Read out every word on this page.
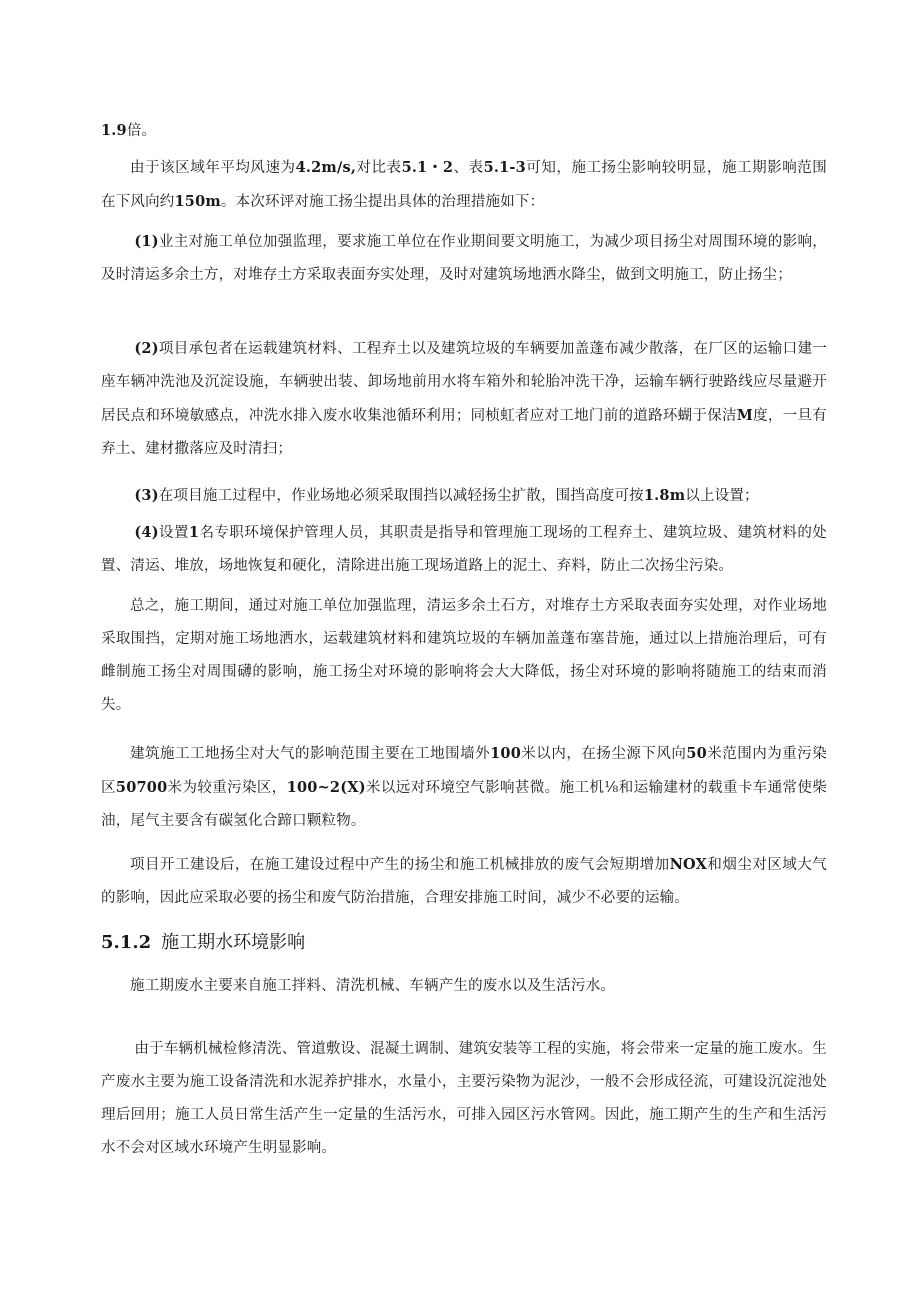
1.9倍。

由于该区域年平均风速为4.2m∕s,对比表5.1・2、表5.1-3可知，施工扬尘影响较明显，施工期影响范围在下风向约150m。本次环评对施工扬尘提出具体的治理措施如下：

(1)业主对施工单位加强监理，要求施工单位在作业期间要文明施工，为减少项目扬尘对周围环境的影响，及时清运多余土方，对堆存土方采取表面夯实处理，及时对建筑场地洒水降尘，做到文明施工，防止扬尘；

(2)项目承包者在运载建筑材料、工程弃土以及建筑垃圾的车辆要加盖蓬布减少散落，在厂区的运输口建一座车辆冲洗池及沉淀设施，车辆驶出装、卸场地前用水将车箱外和轮胎冲洗干净，运输车辆行驶路线应尽量避开居民点和环境敏感点，冲洗水排入废水收集池循环利用；同桢虹者应对工地门前的道路环蝴于保洁M度，一旦有弃土、建材撒落应及时清扫；

(3)在项目施工过程中，作业场地必须采取围挡以减轻扬尘扩散，围挡高度可按1.8m以上设置；

(4)设置1名专职环境保护管理人员，其职责是指导和管理施工现场的工程弃土、建筑垃圾、建筑材料的处置、清运、堆放，场地恢复和硬化，清除进出施工现场道路上的泥土、弃料，防止二次扬尘污染。

总之，施工期间，通过对施工单位加强监理，清运多余土石方，对堆存土方采取表面夯实处理，对作业场地采取围挡，定期对施工场地洒水，运载建筑材料和建筑垃圾的车辆加盖蓬布塞昔施，通过以上措施治理后，可有雌制施工扬尘对周围礴的影响，施工扬尘对环境的影响将会大大降低，扬尘对环境的影响将随施工的结束而消失。

建筑施工工地扬尘对大气的影响范围主要在工地围墙外100米以内，在扬尘源下风向50米范围内为重污染区50700米为较重污染区，100~2(X)米以远对环境空气影响甚微。施工机⅛和运输建材的载重卡车通常使柴油，尾气主要含有碳氢化合蹄口颗粒物。

项目开工建设后，在施工建设过程中产生的扬尘和施工机械排放的废气会短期增加NOX和烟尘对区域大气的影响，因此应采取必要的扬尘和废气防治措施，合理安排施工时间，减少不必要的运输。

5.1.2 施工期水环境影响

施工期废水主要来自施工拌料、清洗机械、车辆产生的废水以及生活污水。

由于车辆机械检修清洗、管道敷设、混凝土调制、建筑安装等工程的实施，将会带来一定量的施工废水。生产废水主要为施工设备清洗和水泥养护排水，水量小，主要污染物为泥沙，一般不会形成径流，可建设沉淀池处理后回用；施工人员日常生活产生一定量的生活污水，可排入园区污水管网。因此，施工期产生的生产和生活污水不会对区域水环境产生明显影响。
